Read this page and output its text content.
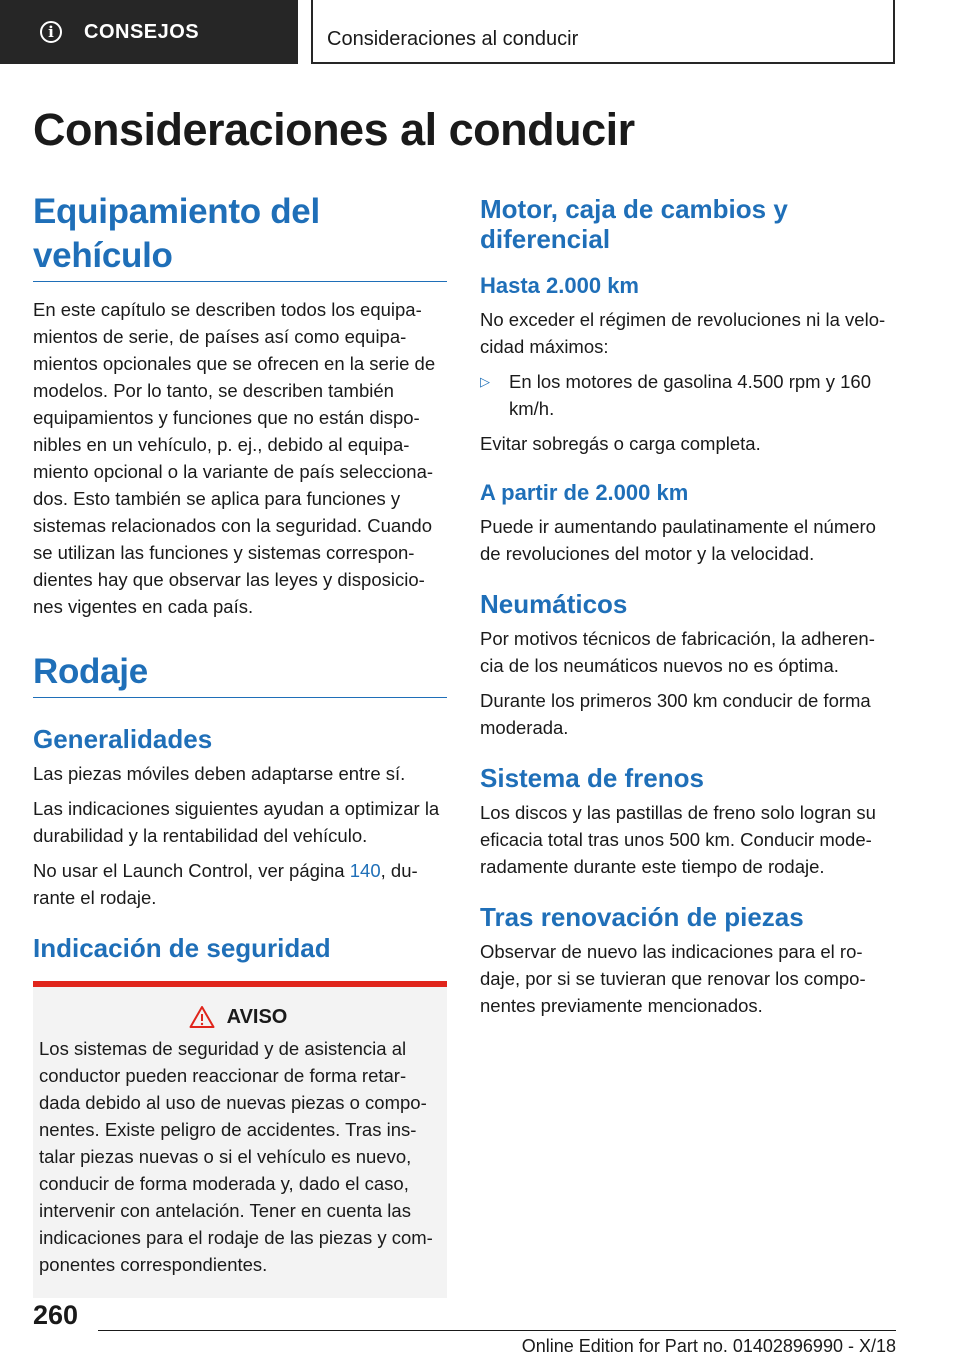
i	CONSEJOS	Consideraciones al conducir
Consideraciones al conducir
Equipamiento del vehículo

En este capítulo se describen todos los equipa-mientos de serie, de países así como equipa-mientos opcionales que se ofrecen en la serie de modelos. Por lo tanto, se describen también equipamientos y funciones que no están dispo-nibles en un vehículo, p. ej., debido al equipa-miento opcional o la variante de país selecciona-dos. Esto también se aplica para funciones y sistemas relacionados con la seguridad. Cuando se utilizan las funciones y sistemas correspon-dientes hay que observar las leyes y disposicio-nes vigentes en cada país.

Rodaje
Generalidades

Las piezas móviles deben adaptarse entre sí.

Las indicaciones siguientes ayudan a optimizar la durabilidad y la rentabilidad del vehículo.

No usar el Launch Control, ver página 140, du-rante el rodaje.

Indicación de seguridad
AVISO

Los sistemas de seguridad y de asistencia al conductor pueden reaccionar de forma retar-dada debido al uso de nuevas piezas o compo-nentes. Existe peligro de accidentes. Tras ins-talar piezas nuevas o si el vehículo es nuevo, conducir de forma moderada y, dado el caso, intervenir con antelación. Tener en cuenta las indicaciones para el rodaje de las piezas y com-ponentes correspondientes.

Motor, caja de cambios y diferencial
Hasta 2.000 km

No exceder el régimen de revoluciones ni la velo-cidad máximos:

▷	En los motores de gasolina 4.500 rpm y 160 km/h.

Evitar sobregás o carga completa.

A partir de 2.000 km

Puede ir aumentando paulatinamente el número de revoluciones del motor y la velocidad.

Neumáticos

Por motivos técnicos de fabricación, la adheren-cia de los neumáticos nuevos no es óptima.

Durante los primeros 300 km conducir de forma moderada.

Sistema de frenos

Los discos y las pastillas de freno solo logran su eficacia total tras unos 500 km. Conducir mode-radamente durante este tiempo de rodaje.

Tras renovación de piezas

Observar de nuevo las indicaciones para el ro-daje, por si se tuvieran que renovar los compo-nentes previamente mencionados.

260
Online Edition for Part no. 01402896990 - X/18
